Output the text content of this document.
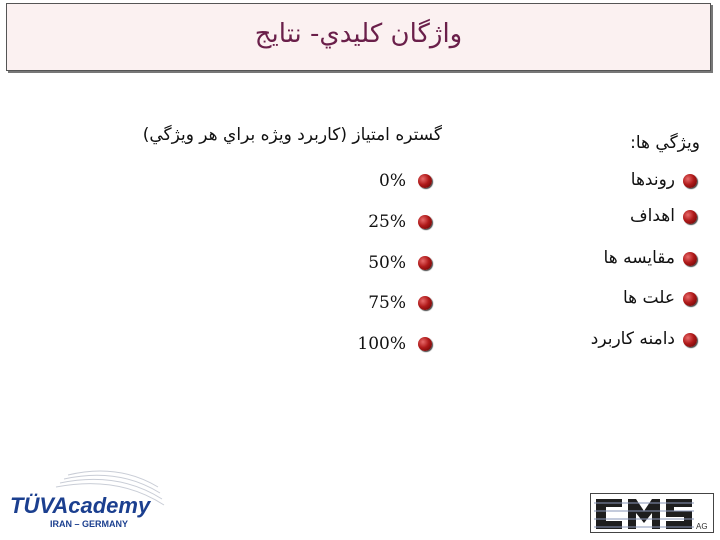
واژگان كليدي- نتايج
ويژگي ها:
روندها
اهداف
مقايسه ها
علت ها
دامنه كاربرد
گستره امتياز (كاربرد ويژه براي هر ويژگي)
0%
25%
50%
75%
100%
TÜVAcademy
IRAN – GERMANY	AG
